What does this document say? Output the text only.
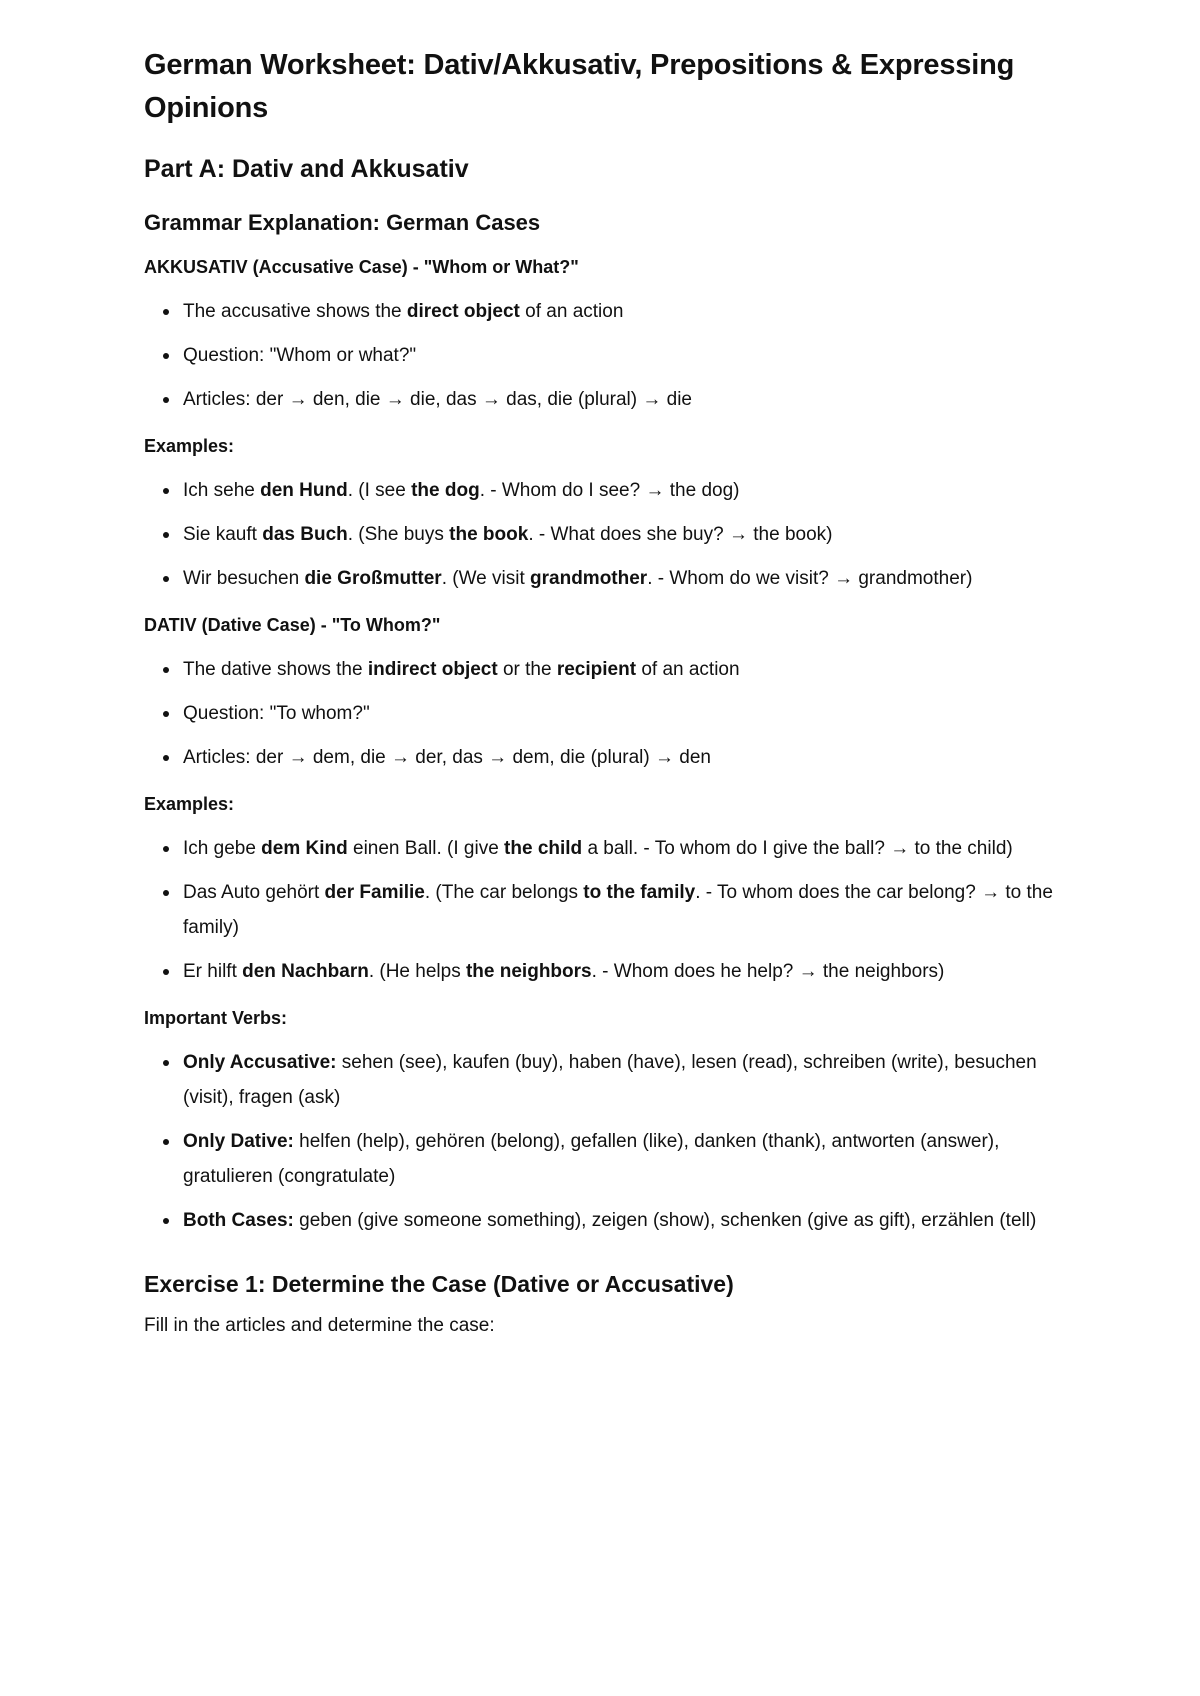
German Worksheet: Dativ/Akkusativ, Prepositions & Expressing Opinions
Part A: Dativ and Akkusativ
Grammar Explanation: German Cases

AKKUSATIV (Accusative Case) - "Whom or What?"

The accusative shows the direct object of an action
Question: "Whom or what?"
Articles: der → den, die → die, das → das, die (plural) → die

Examples:

Ich sehe den Hund. (I see the dog. - Whom do I see? → the dog)
Sie kauft das Buch. (She buys the book. - What does she buy? → the book)
Wir besuchen die Großmutter. (We visit grandmother. - Whom do we visit? → grandmother)

DATIV (Dative Case) - "To Whom?"

The dative shows the indirect object or the recipient of an action
Question: "To whom?"
Articles: der → dem, die → der, das → dem, die (plural) → den

Examples:

Ich gebe dem Kind einen Ball. (I give the child a ball. - To whom do I give the ball? → to the child)
Das Auto gehört der Familie. (The car belongs to the family. - To whom does the car belong? → to the family)
Er hilft den Nachbarn. (He helps the neighbors. - Whom does he help? → the neighbors)

Important Verbs:

Only Accusative: sehen (see), kaufen (buy), haben (have), lesen (read), schreiben (write), besuchen (visit), fragen (ask)
Only Dative: helfen (help), gehören (belong), gefallen (like), danken (thank), antworten (answer), gratulieren (congratulate)
Both Cases: geben (give someone something), zeigen (show), schenken (give as gift), erzählen (tell)
Exercise 1: Determine the Case (Dative or Accusative)

Fill in the articles and determine the case:
